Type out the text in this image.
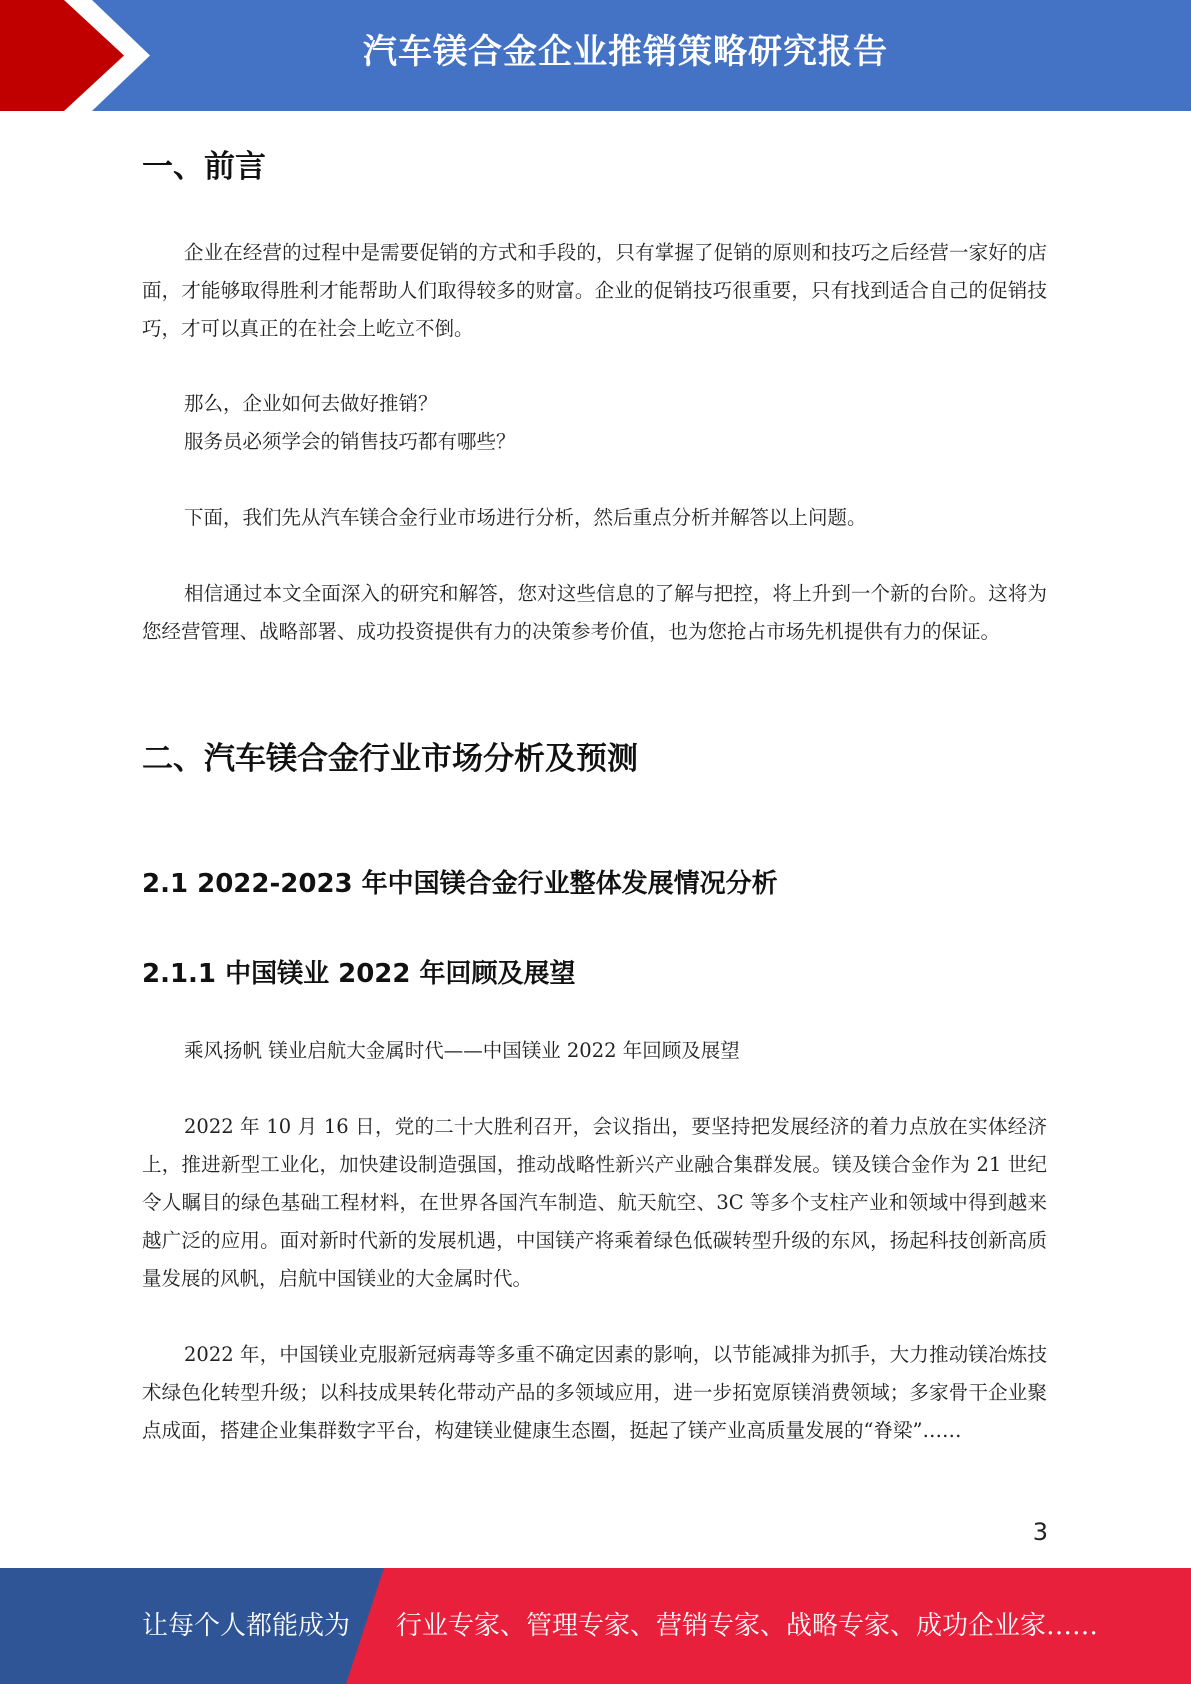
汽车镁合金企业推销策略研究报告
一、前言

企业在经营的过程中是需要促销的方式和手段的，只有掌握了促销的原则和技巧之后经营一家好的店面，才能够取得胜利才能帮助人们取得较多的财富。企业的促销技巧很重要，只有找到适合自己的促销技巧，才可以真正的在社会上屹立不倒。

那么，企业如何去做好推销？

服务员必须学会的销售技巧都有哪些？

下面，我们先从汽车镁合金行业市场进行分析，然后重点分析并解答以上问题。

相信通过本文全面深入的研究和解答，您对这些信息的了解与把控，将上升到一个新的台阶。这将为您经营管理、战略部署、成功投资提供有力的决策参考价值，也为您抢占市场先机提供有力的保证。

二、汽车镁合金行业市场分析及预测
2.1 2022-2023 年中国镁合金行业整体发展情况分析
2.1.1 中国镁业 2022 年回顾及展望

乘风扬帆 镁业启航大金属时代——中国镁业 2022 年回顾及展望

2022 年 10 月 16 日，党的二十大胜利召开，会议指出，要坚持把发展经济的着力点放在实体经济上，推进新型工业化，加快建设制造强国，推动战略性新兴产业融合集群发展。镁及镁合金作为 21 世纪令人瞩目的绿色基础工程材料，在世界各国汽车制造、航天航空、3C 等多个支柱产业和领域中得到越来越广泛的应用。面对新时代新的发展机遇，中国镁产将乘着绿色低碳转型升级的东风，扬起科技创新高质量发展的风帆，启航中国镁业的大金属时代。

2022 年，中国镁业克服新冠病毒等多重不确定因素的影响，以节能减排为抓手，大力推动镁冶炼技术绿色化转型升级；以科技成果转化带动产品的多领域应用，进一步拓宽原镁消费领域；多家骨干企业聚点成面，搭建企业集群数字平台，构建镁业健康生态圈，挺起了镁产业高质量发展的“脊梁”……

3
让每个人都能成为 行业专家、管理专家、营销专家、战略专家、成功企业家……
